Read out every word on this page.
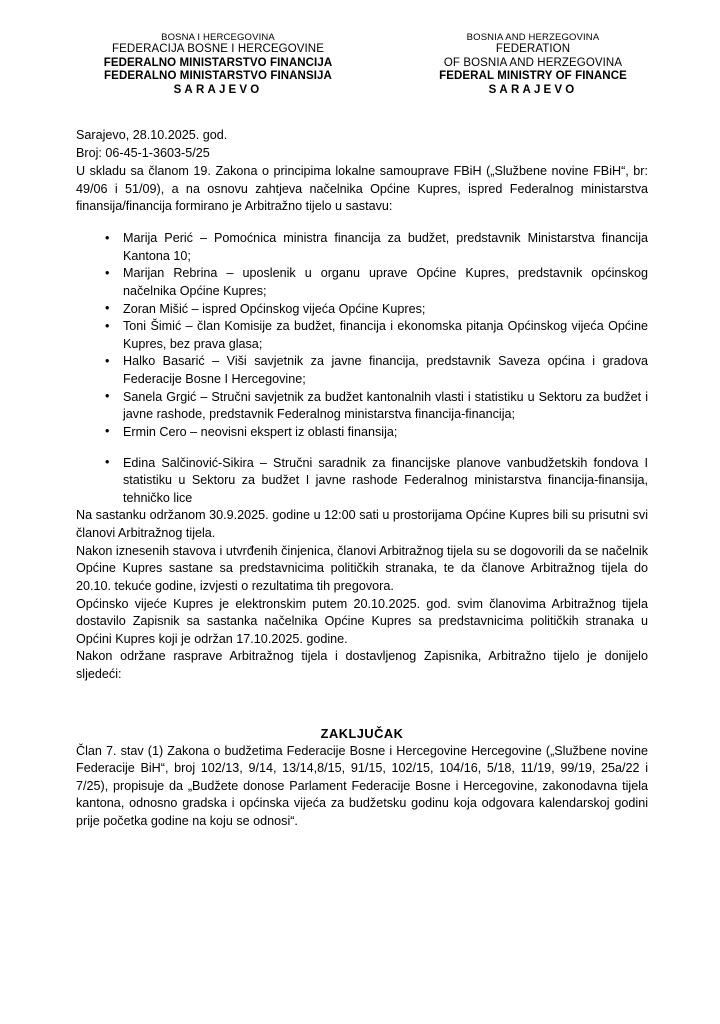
BOSNA I HERCEGOVINA
FEDERACIJA BOSNE I HERCEGOVINE
FEDERALNO MINISTARSTVO FINANCIJA
FEDERALNO MINISTARSTVO FINANSIJA
SARAJEVO
BOSNIA AND HERZEGOVINA
FEDERATION
OF BOSNIA AND HERZEGOVINA
FEDERAL MINISTRY OF FINANCE
SARAJEVO
Sarajevo, 28.10.2025. god.
Broj: 06-45-1-3603-5/25

U skladu sa članom 19. Zakona o principima lokalne samouprave FBiH („Službene novine FBiH“, br: 49/06 i 51/09), a na osnovu zahtjeva načelnika Općine Kupres, ispred Federalnog ministarstva finansija/financija formirano je Arbitražno tijelo u sastavu:

• Marija Perić – Pomoćnica ministra financija za budžet, predstavnik Ministarstva financija Kantona 10;
• Marijan Rebrina – uposlenik u organu uprave Općine Kupres, predstavnik općinskog načelnika Općine Kupres;
• Zoran Mišić – ispred Općinskog vijeća Općine Kupres;
• Toni Šimić – član Komisije za budžet, financija i ekonomska pitanja Općinskog vijeća Općine Kupres, bez prava glasa;
• Halko Basarić – Viši savjetnik za javne financija, predstavnik Saveza općina i gradova Federacije Bosne I Hercegovine;
• Sanela Grgić – Stručni savjetnik za budžet kantonalnih vlasti i statistiku u Sektoru za budžet i javne rashode, predstavnik Federalnog ministarstva financija-financija;
• Ermin Cero – neovisni ekspert iz oblasti finansija;
• Edina Salčinović-Sikira – Stručni saradnik za financijske planove vanbudžetskih fondova I statistiku u Sektoru za budžet I javne rashode Federalnog ministarstva financija-finansija, tehničko lice

Na sastanku održanom 30.9.2025. godine u 12:00 sati u prostorijama Općine Kupres bili su prisutni svi članovi Arbitražnog tijela.

Nakon iznesenih stavova i utvrđenih činjenica, članovi Arbitražnog tijela su se dogovorili da se načelnik Općine Kupres sastane sa predstavnicima političkih stranaka, te da članove Arbitražnog tijela do 20.10. tekuće godine, izvjesti o rezultatima tih pregovora.

Općinsko vijeće Kupres je elektronskim putem 20.10.2025. god. svim članovima Arbitražnog tijela dostavilo Zapisnik sa sastanka načelnika Općine Kupres sa predstavnicima političkih stranaka u Općini Kupres koji je održan 17.10.2025. godine.

Nakon održane rasprave Arbitražnog tijela i dostavljenog Zapisnika, Arbitražno tijelo je donijelo sljedeći:

ZAKLJUČAK

Član 7. stav (1) Zakona o budžetima Federacije Bosne i Hercegovine Hercegovine („Službene novine Federacije BiH“, broj 102/13, 9/14, 13/14,8/15, 91/15, 102/15, 104/16, 5/18, 11/19, 99/19, 25a/22 i 7/25), propisuje da „Budžete donose Parlament Federacije Bosne i Hercegovine, zakonodavna tijela kantona, odnosno gradska i općinska vijeća za budžetsku godinu koja odgovara kalendarskoj godini prije početka godine na koju se odnosi“.
